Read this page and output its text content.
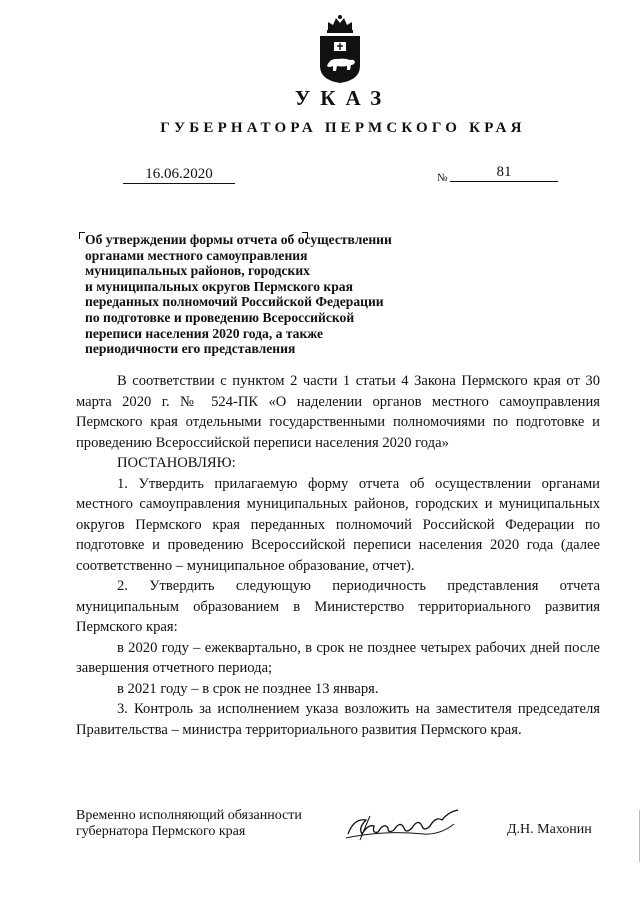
УКАЗ
ГУБЕРНАТОРА ПЕРМСКОГО КРАЯ
16.06.2020	№	81
Об утверждении формы отчета об осуществлении
органами местного самоуправления
муниципальных районов, городских
и муниципальных округов Пермского края
переданных полномочий Российской Федерации
по подготовке и проведению Всероссийской
переписи населения 2020 года, а также
периодичности его представления

В соответствии с пунктом 2 части 1 статьи 4 Закона Пермского края от 30 марта 2020 г. № 524-ПК «О наделении органов местного самоуправления Пермского края отдельными государственными полномочиями по подготовке и проведению Всероссийской переписи населения 2020 года»

ПОСТАНОВЛЯЮ:

1. Утвердить прилагаемую форму отчета об осуществлении органами местного самоуправления муниципальных районов, городских и муниципальных округов Пермского края переданных полномочий Российской Федерации по подготовке и проведению Всероссийской переписи населения 2020 года (далее соответственно – муниципальное образование, отчет).

2. Утвердить следующую периодичность представления отчета муниципальным образованием в Министерство территориального развития Пермского края:

в 2020 году – ежеквартально, в срок не позднее четырех рабочих дней после завершения отчетного периода;

в 2021 году – в срок не позднее 13 января.

3. Контроль за исполнением указа возложить на заместителя председателя Правительства – министра территориального развития Пермского края.

Временно исполняющий обязанности
губернатора Пермского края	Д.Н. Махонин
